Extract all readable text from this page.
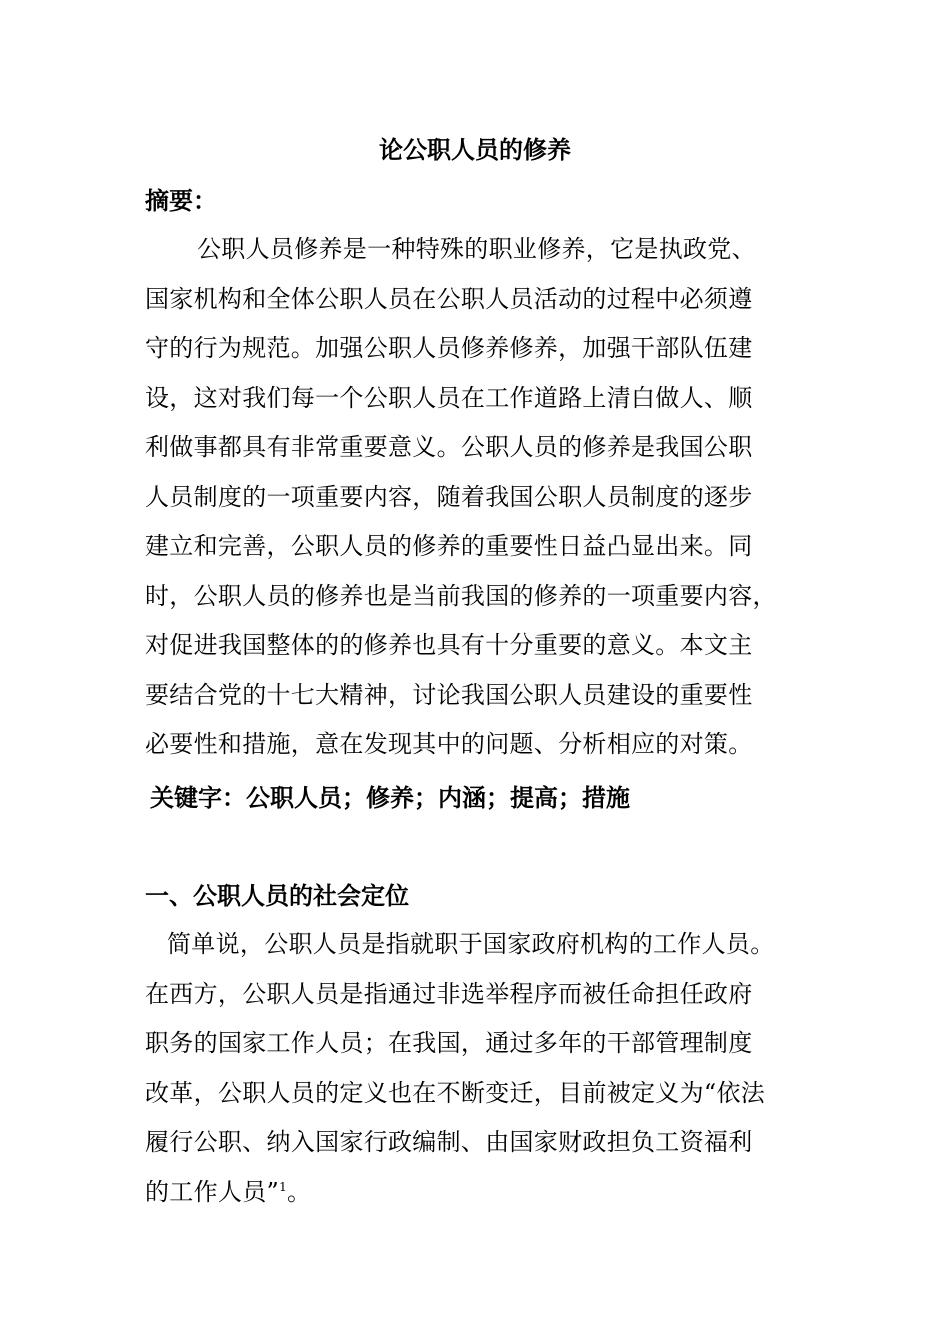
论公职人员的修养
摘要：
公职人员修养是一种特殊的职业修养，它是执政党、
国家机构和全体公职人员在公职人员活动的过程中必须遵
守的行为规范。加强公职人员修养修养，加强干部队伍建
设，这对我们每一个公职人员在工作道路上清白做人、顺
利做事都具有非常重要意义。公职人员的修养是我国公职
人员制度的一项重要内容，随着我国公职人员制度的逐步
建立和完善，公职人员的修养的重要性日益凸显出来。同
时，公职人员的修养也是当前我国的修养的一项重要内容，
对促进我国整体的的修养也具有十分重要的意义。本文主
要结合党的十七大精神，讨论我国公职人员建设的重要性
必要性和措施，意在发现其中的问题、分析相应的对策。
关键字：公职人员；修养；内涵；提高；措施
一、公职人员的社会定位
简单说，公职人员是指就职于国家政府机构的工作人员。
在西方，公职人员是指通过非选举程序而被任命担任政府
职务的国家工作人员；在我国，通过多年的干部管理制度
改革，公职人员的定义也在不断变迁，目前被定义为“依法
履行公职、纳入国家行政编制、由国家财政担负工资福利
的工作人员”$^1$。
